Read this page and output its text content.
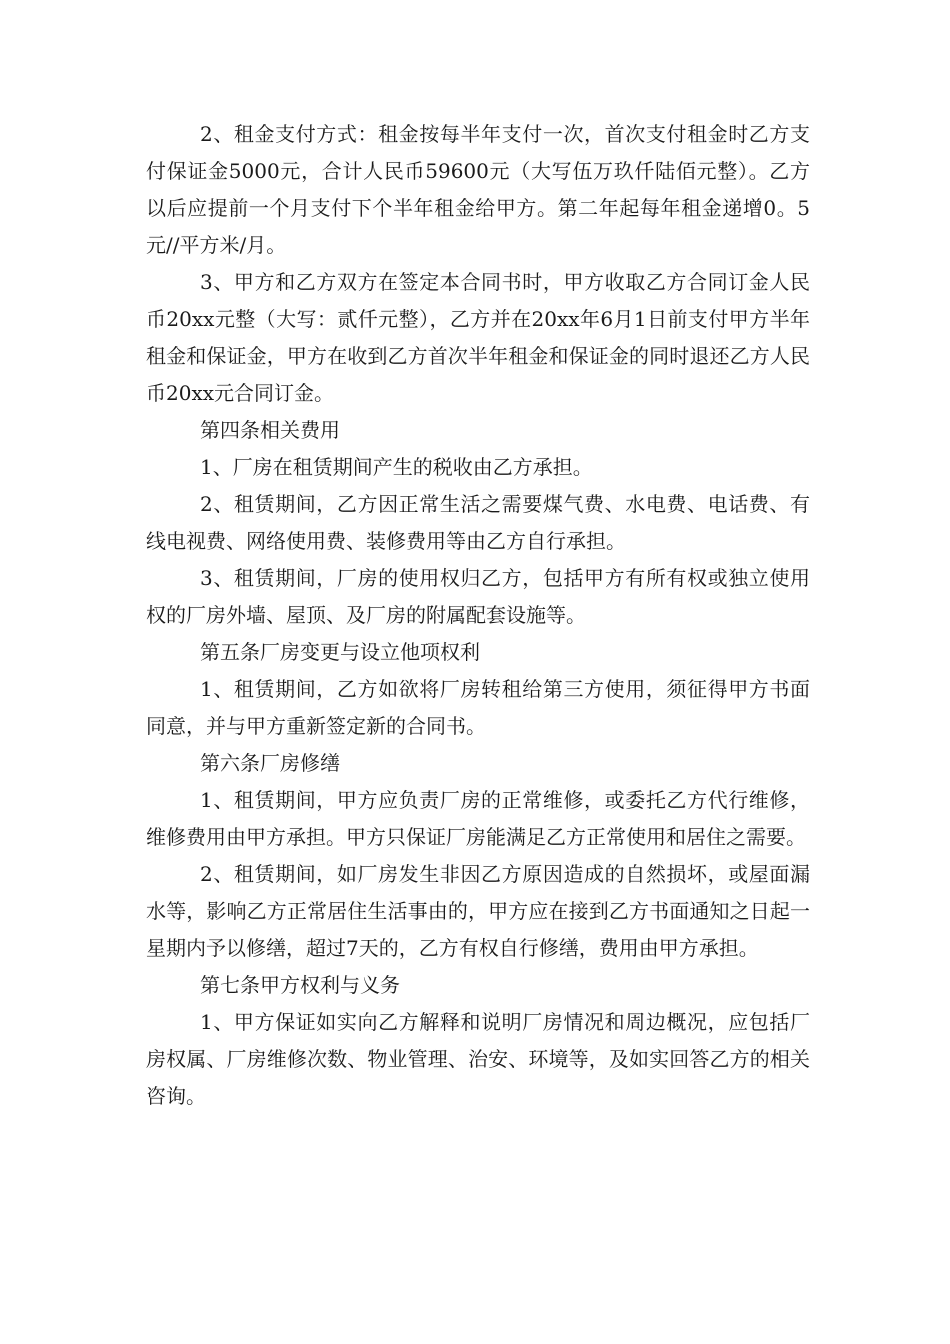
2、租金支付方式：租金按每半年支付一次，首次支付租金时乙方支付保证金5000元，合计人民币59600元（大写伍万玖仟陆佰元整）。乙方以后应提前一个月支付下个半年租金给甲方。第二年起每年租金递增0。5元//平方米/月。

3、甲方和乙方双方在签定本合同书时，甲方收取乙方合同订金人民币20xx元整（大写：贰仟元整），乙方并在20xx年6月1日前支付甲方半年租金和保证金，甲方在收到乙方首次半年租金和保证金的同时退还乙方人民币20xx元合同订金。

第四条相关费用

1、厂房在租赁期间产生的税收由乙方承担。

2、租赁期间，乙方因正常生活之需要煤气费、水电费、电话费、有线电视费、网络使用费、装修费用等由乙方自行承担。

3、租赁期间，厂房的使用权归乙方，包括甲方有所有权或独立使用权的厂房外墙、屋顶、及厂房的附属配套设施等。

第五条厂房变更与设立他项权利

1、租赁期间，乙方如欲将厂房转租给第三方使用，须征得甲方书面同意，并与甲方重新签定新的合同书。

第六条厂房修缮

1、租赁期间，甲方应负责厂房的正常维修，或委托乙方代行维修，维修费用由甲方承担。甲方只保证厂房能满足乙方正常使用和居住之需要。

2、租赁期间，如厂房发生非因乙方原因造成的自然损坏，或屋面漏水等，影响乙方正常居住生活事由的，甲方应在接到乙方书面通知之日起一星期内予以修缮，超过7天的，乙方有权自行修缮，费用由甲方承担。

第七条甲方权利与义务

1、甲方保证如实向乙方解释和说明厂房情况和周边概况，应包括厂房权属、厂房维修次数、物业管理、治安、环境等，及如实回答乙方的相关咨询。
